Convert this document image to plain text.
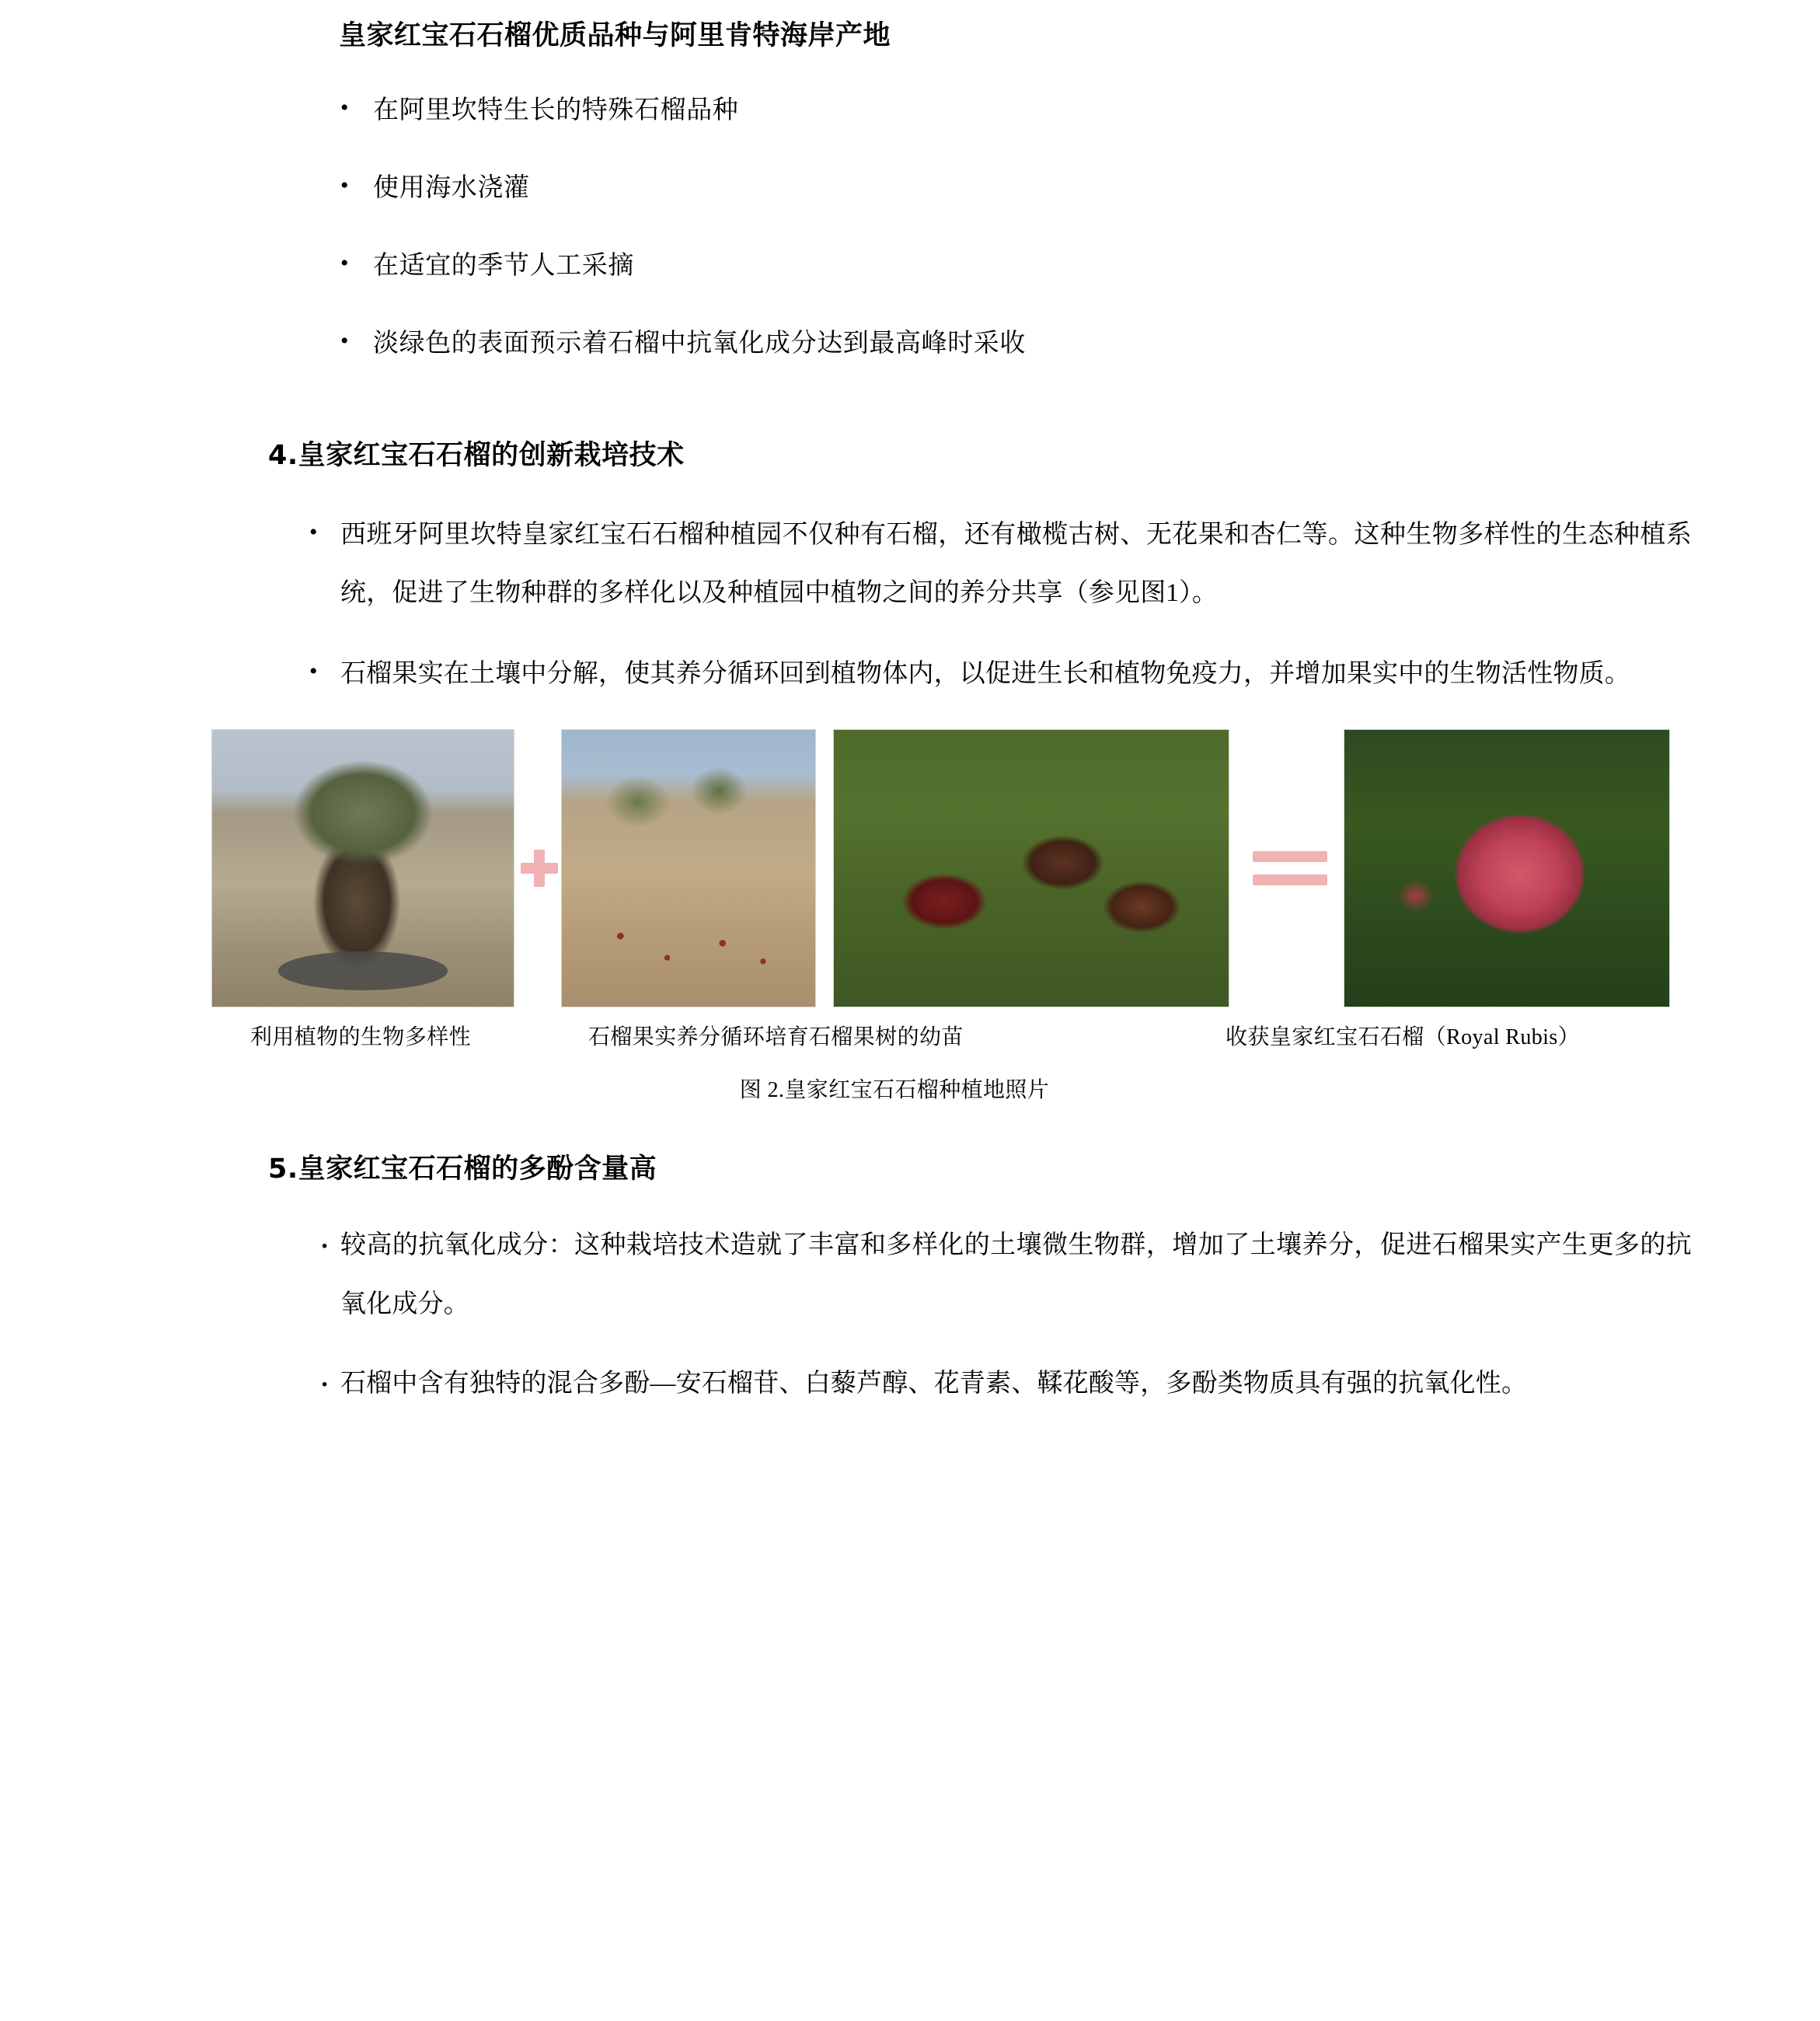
皇家红宝石石榴优质品种与阿里肯特海岸产地
• 在阿里坎特生长的特殊石榴品种
• 使用海水浇灌
• 在适宜的季节人工采摘
• 淡绿色的表面预示着石榴中抗氧化成分达到最高峰时采收
4.皇家红宝石石榴的创新栽培技术
• 西班牙阿里坎特皇家红宝石石榴种植园不仅种有石榴，还有橄榄古树、无花果和杏仁等。这种生物多样性的生态种植系统，促进了生物种群的多样化以及种植园中植物之间的养分共享（参见图1）。
• 石榴果实在土壤中分解，使其养分循环回到植物体内，以促进生长和植物免疫力，并增加果实中的生物活性物质。
利用植物的生物多样性	石榴果实养分循环培育石榴果树的幼苗	收获皇家红宝石石榴（Royal Rubis）
图 2.皇家红宝石石榴种植地照片
5.皇家红宝石石榴的多酚含量高
· 较高的抗氧化成分：这种栽培技术造就了丰富和多样化的土壤微生物群，增加了土壤养分，促进石榴果实产生更多的抗氧化成分。
· 石榴中含有独特的混合多酚—安石榴苷、白藜芦醇、花青素、鞣花酸等，多酚类物质具有强的抗氧化性。
